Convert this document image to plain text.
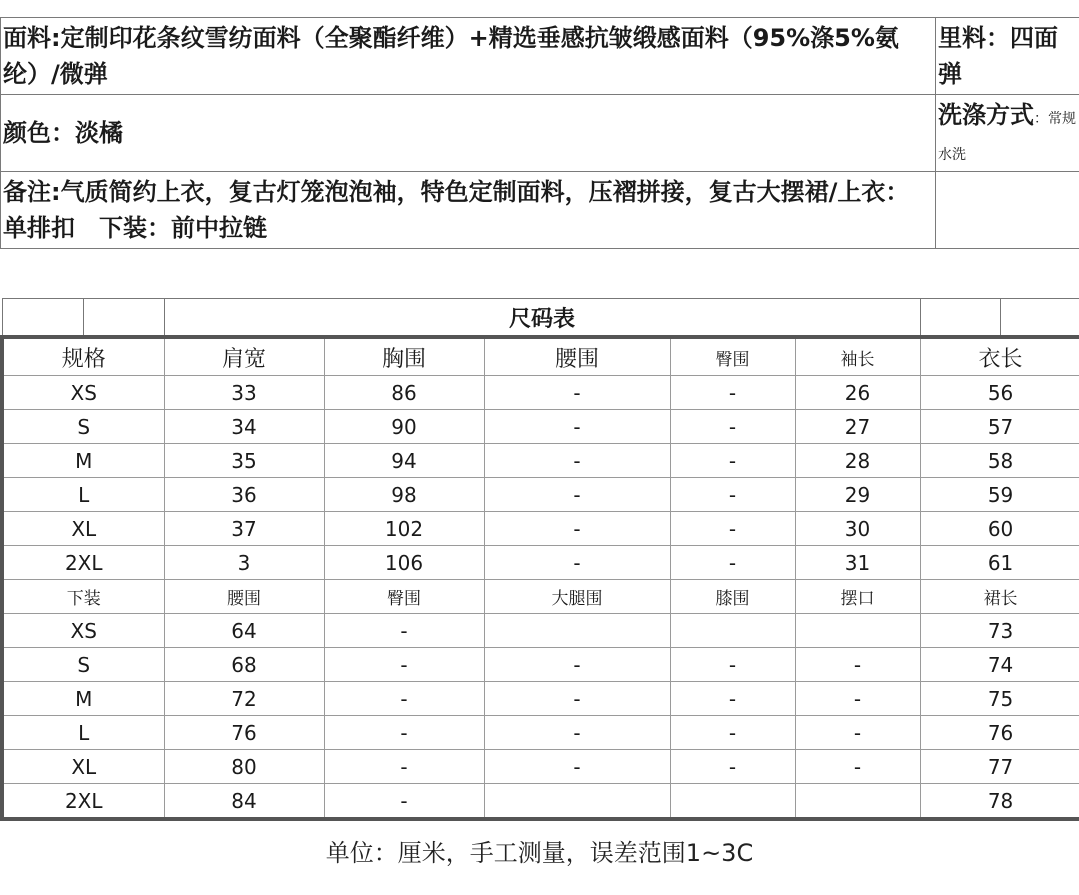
面料:定制印花条纹雪纺面料（全聚酯纤维）+精选垂感抗皱缎感面料（95%涤5%氨纶）/微弹	里料：四面弹
颜色：淡橘	洗涤方式：常规水洗
备注:气质简约上衣，复古灯笼泡泡袖，特色定制面料，压褶拼接，复古大摆裙/上衣：单排扣　下装：前中拉链	
		尺码表						
规格		肩宽	胸围	腰围	臀围	袖长	衣长	
XS		33	86	-	-	26	56	
S		34	90	-	-	27	57	
M		35	94	-	-	28	58	
L		36	98	-	-	29	59	
XL		37	102	-	-	30	60	
2XL		3	106	-	-	31	61	
下装		腰围	臀围	大腿围	膝围	摆口	裙长	
XS		64	-				73	
S		68	-	-	-	-	74	
M		72	-	-	-	-	75	
L		76	-	-	-	-	76	
XL		80	-	-	-	-	77	
2XL		84	-				78	
单位：厘米，手工测量，误差范围1~3C
